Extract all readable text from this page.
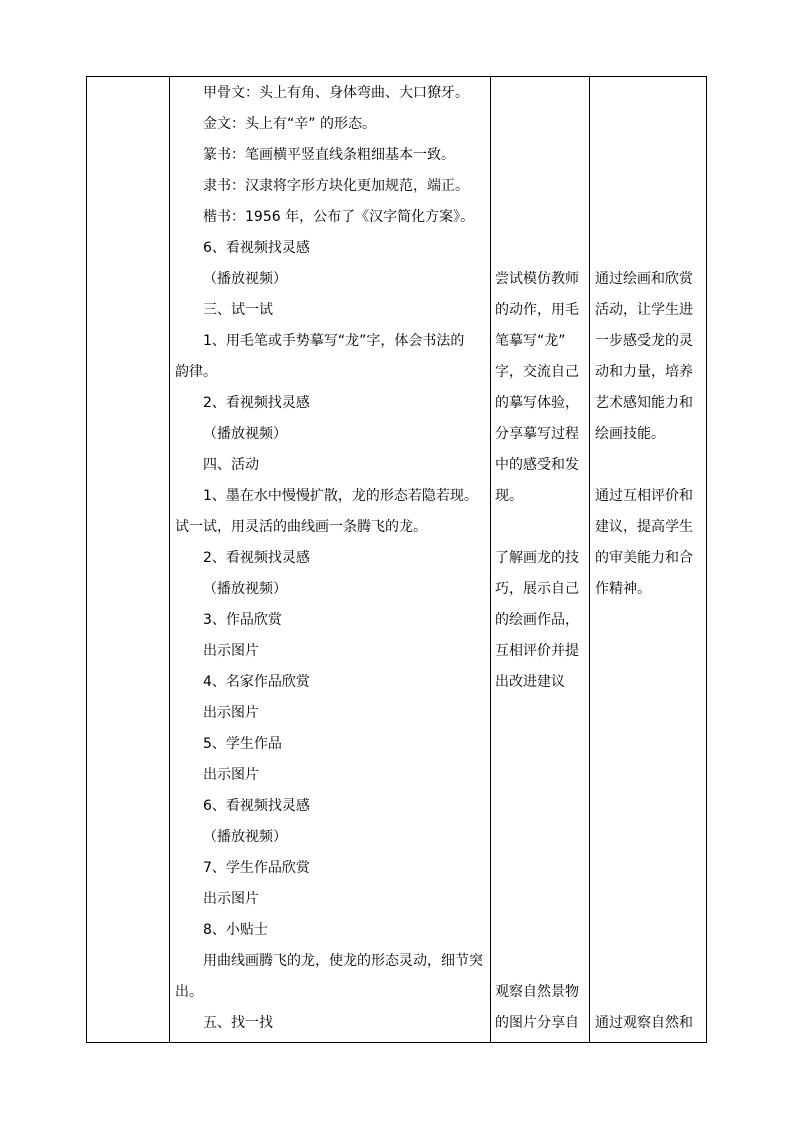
甲骨文：头上有角、身体弯曲、大口獠牙。
金文：头上有“辛” 的形态。
篆书：笔画横平竖直线条粗细基本一致。
隶书：汉隶将字形方块化更加规范，端正。
楷书：1956 年，公布了《汉字简化方案》。
6、看视频找灵感
（播放视频）
三、试一试
1、用毛笔或手势摹写“龙”字，体会书法的
韵律。
2、看视频找灵感
（播放视频）
四、活动
1、墨在水中慢慢扩散，龙的形态若隐若现。
试一试，用灵活的曲线画一条腾飞的龙。
2、看视频找灵感
（播放视频）
3、作品欣赏
出示图片
4、名家作品欣赏
出示图片
5、学生作品
出示图片
6、看视频找灵感
（播放视频）
7、学生作品欣赏
出示图片
8、小贴士
用曲线画腾飞的龙，使龙的形态灵动，细节突
出。
五、找一找
尝试模仿教师
的动作，用毛
笔摹写“龙”
字，交流自己
的摹写体验，
分享摹写过程
中的感受和发
现。
了解画龙的技
巧，展示自己
的绘画作品，
互相评价并提
出改进建议
观察自然景物
的图片分享自
通过绘画和欣赏
活动，让学生进
一步感受龙的灵
动和力量，培养
艺术感知能力和
绘画技能。
通过互相评价和
建议，提高学生
的审美能力和合
作精神。
通过观察自然和
